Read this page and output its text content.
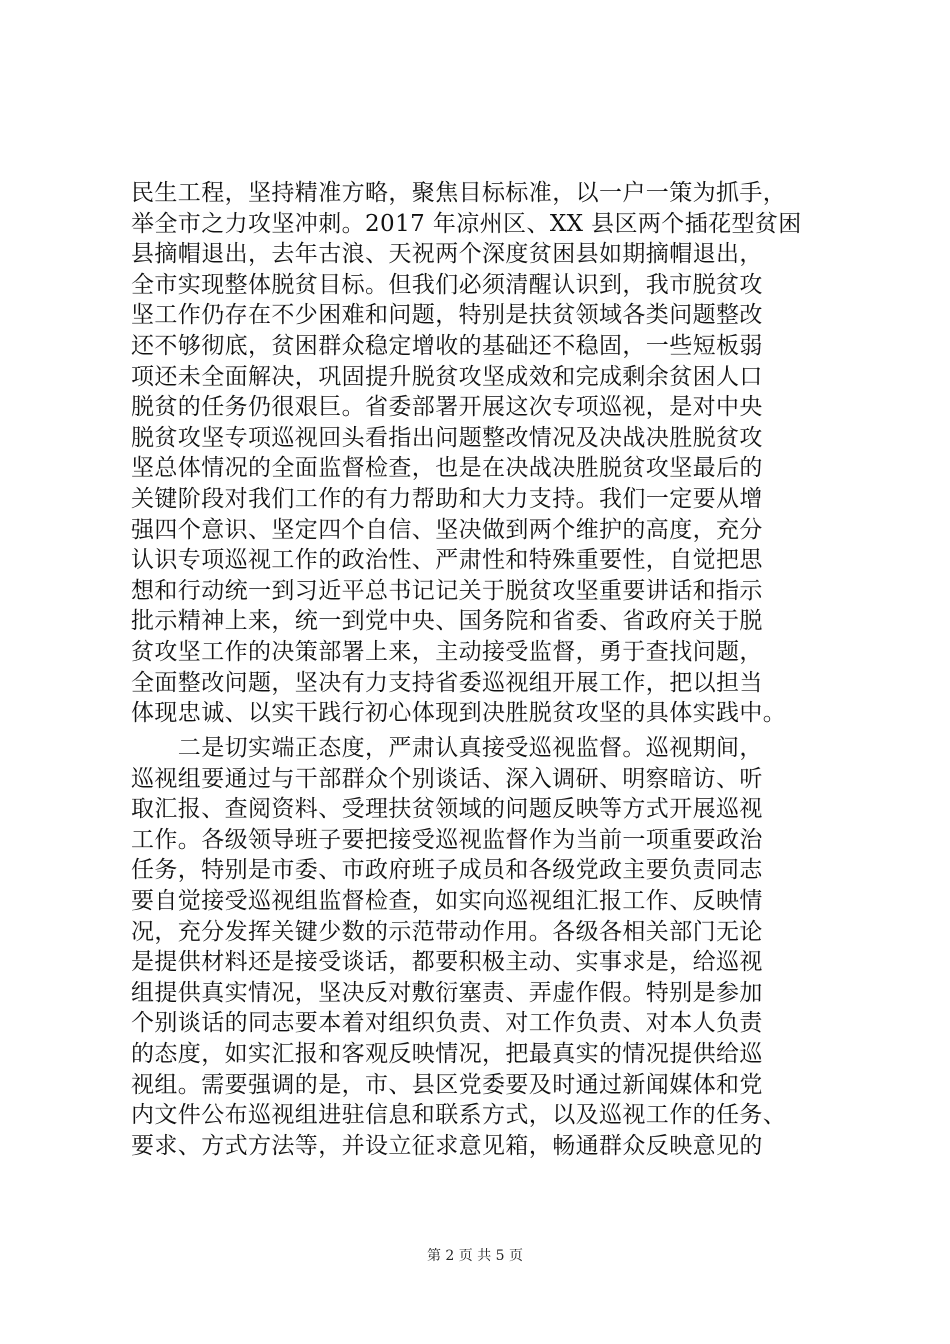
民生工程，坚持精准方略，聚焦目标标准，以一户一策为抓手，
举全市之力攻坚冲刺。2017 年凉州区、XX 县区两个插花型贫困
县摘帽退出，去年古浪、天祝两个深度贫困县如期摘帽退出，
全市实现整体脱贫目标。但我们必须清醒认识到，我市脱贫攻
坚工作仍存在不少困难和问题，特别是扶贫领域各类问题整改
还不够彻底，贫困群众稳定增收的基础还不稳固，一些短板弱
项还未全面解决，巩固提升脱贫攻坚成效和完成剩余贫困人口
脱贫的任务仍很艰巨。省委部署开展这次专项巡视，是对中央
脱贫攻坚专项巡视回头看指出问题整改情况及决战决胜脱贫攻
坚总体情况的全面监督检查，也是在决战决胜脱贫攻坚最后的
关键阶段对我们工作的有力帮助和大力支持。我们一定要从增
强四个意识、坚定四个自信、坚决做到两个维护的高度，充分
认识专项巡视工作的政治性、严肃性和特殊重要性，自觉把思
想和行动统一到习近平总书记记关于脱贫攻坚重要讲话和指示
批示精神上来，统一到党中央、国务院和省委、省政府关于脱
贫攻坚工作的决策部署上来，主动接受监督，勇于查找问题，
全面整改问题，坚决有力支持省委巡视组开展工作，把以担当
体现忠诚、以实干践行初心体现到决胜脱贫攻坚的具体实践中。
　　二是切实端正态度，严肃认真接受巡视监督。巡视期间，
巡视组要通过与干部群众个别谈话、深入调研、明察暗访、听
取汇报、查阅资料、受理扶贫领域的问题反映等方式开展巡视
工作。各级领导班子要把接受巡视监督作为当前一项重要政治
任务，特别是市委、市政府班子成员和各级党政主要负责同志
要自觉接受巡视组监督检查，如实向巡视组汇报工作、反映情
况，充分发挥关键少数的示范带动作用。各级各相关部门无论
是提供材料还是接受谈话，都要积极主动、实事求是，给巡视
组提供真实情况，坚决反对敷衍塞责、弄虚作假。特别是参加
个别谈话的同志要本着对组织负责、对工作负责、对本人负责
的态度，如实汇报和客观反映情况，把最真实的情况提供给巡
视组。需要强调的是，市、县区党委要及时通过新闻媒体和党
内文件公布巡视组进驻信息和联系方式，以及巡视工作的任务、
要求、方式方法等，并设立征求意见箱，畅通群众反映意见的
第 2 页 共 5 页
